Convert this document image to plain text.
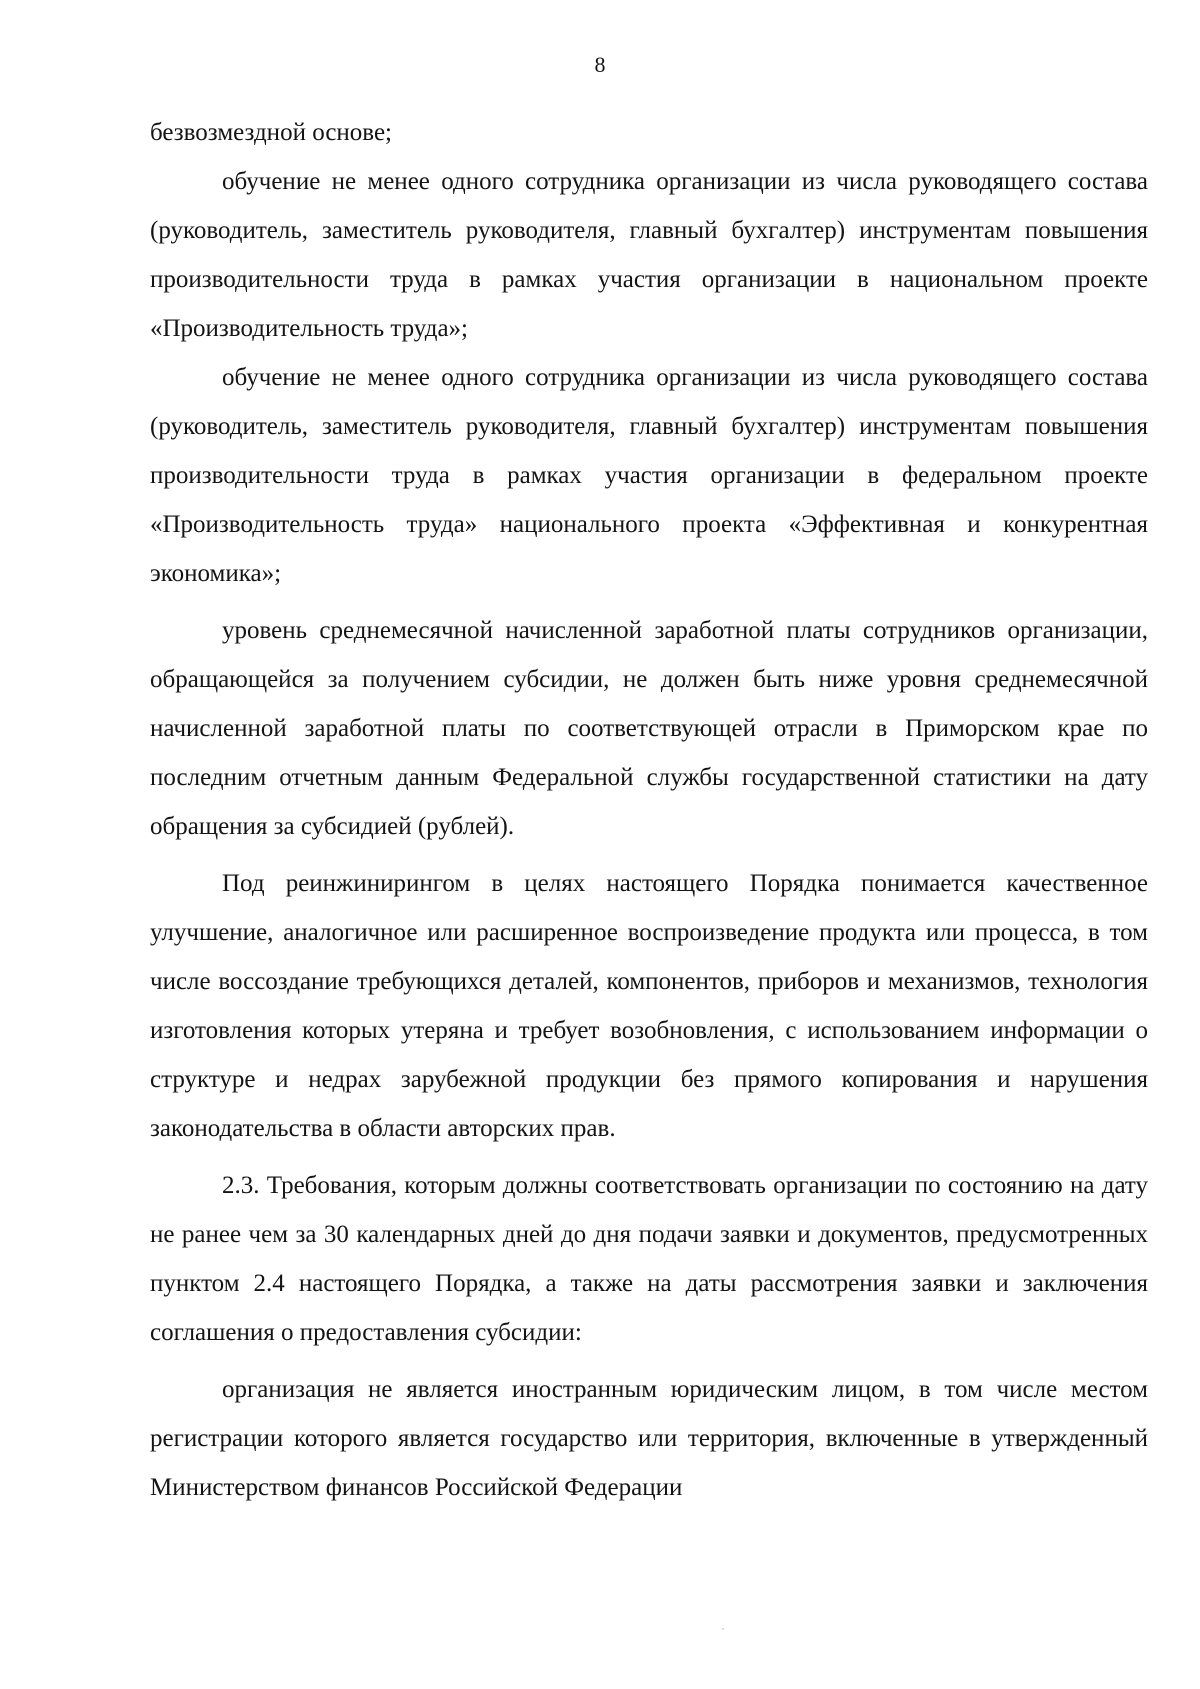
8

безвозмездной основе;

обучение не менее одного сотрудника организации из числа руководящего состава (руководитель, заместитель руководителя, главный бухгалтер) инструментам повышения производительности труда в рамках участия организации в национальном проекте «Производительность труда»;

обучение не менее одного сотрудника организации из числа руководящего состава (руководитель, заместитель руководителя, главный бухгалтер) инструментам повышения производительности труда в рамках участия организации в федеральном проекте «Производительность труда» национального проекта «Эффективная и конкурентная экономика»;

уровень среднемесячной начисленной заработной платы сотрудников организации, обращающейся за получением субсидии, не должен быть ниже уровня среднемесячной начисленной заработной платы по соответствующей отрасли в Приморском крае по последним отчетным данным Федеральной службы государственной статистики на дату обращения за субсидией (рублей).

Под реинжинирингом в целях настоящего Порядка понимается качественное улучшение, аналогичное или расширенное воспроизведение продукта или процесса, в том числе воссоздание требующихся деталей, компонентов, приборов и механизмов, технология изготовления которых утеряна и требует возобновления, с использованием информации о структуре и недрах зарубежной продукции без прямого копирования и нарушения законодательства в области авторских прав.

2.3. Требования, которым должны соответствовать организации по состоянию на дату не ранее чем за 30 календарных дней до дня подачи заявки и документов, предусмотренных пунктом 2.4 настоящего Порядка, а также на даты рассмотрения заявки и заключения соглашения о предоставления субсидии:

организация не является иностранным юридическим лицом, в том числе местом регистрации которого является государство или территория, включенные в утвержденный Министерством финансов Российской Федерации
